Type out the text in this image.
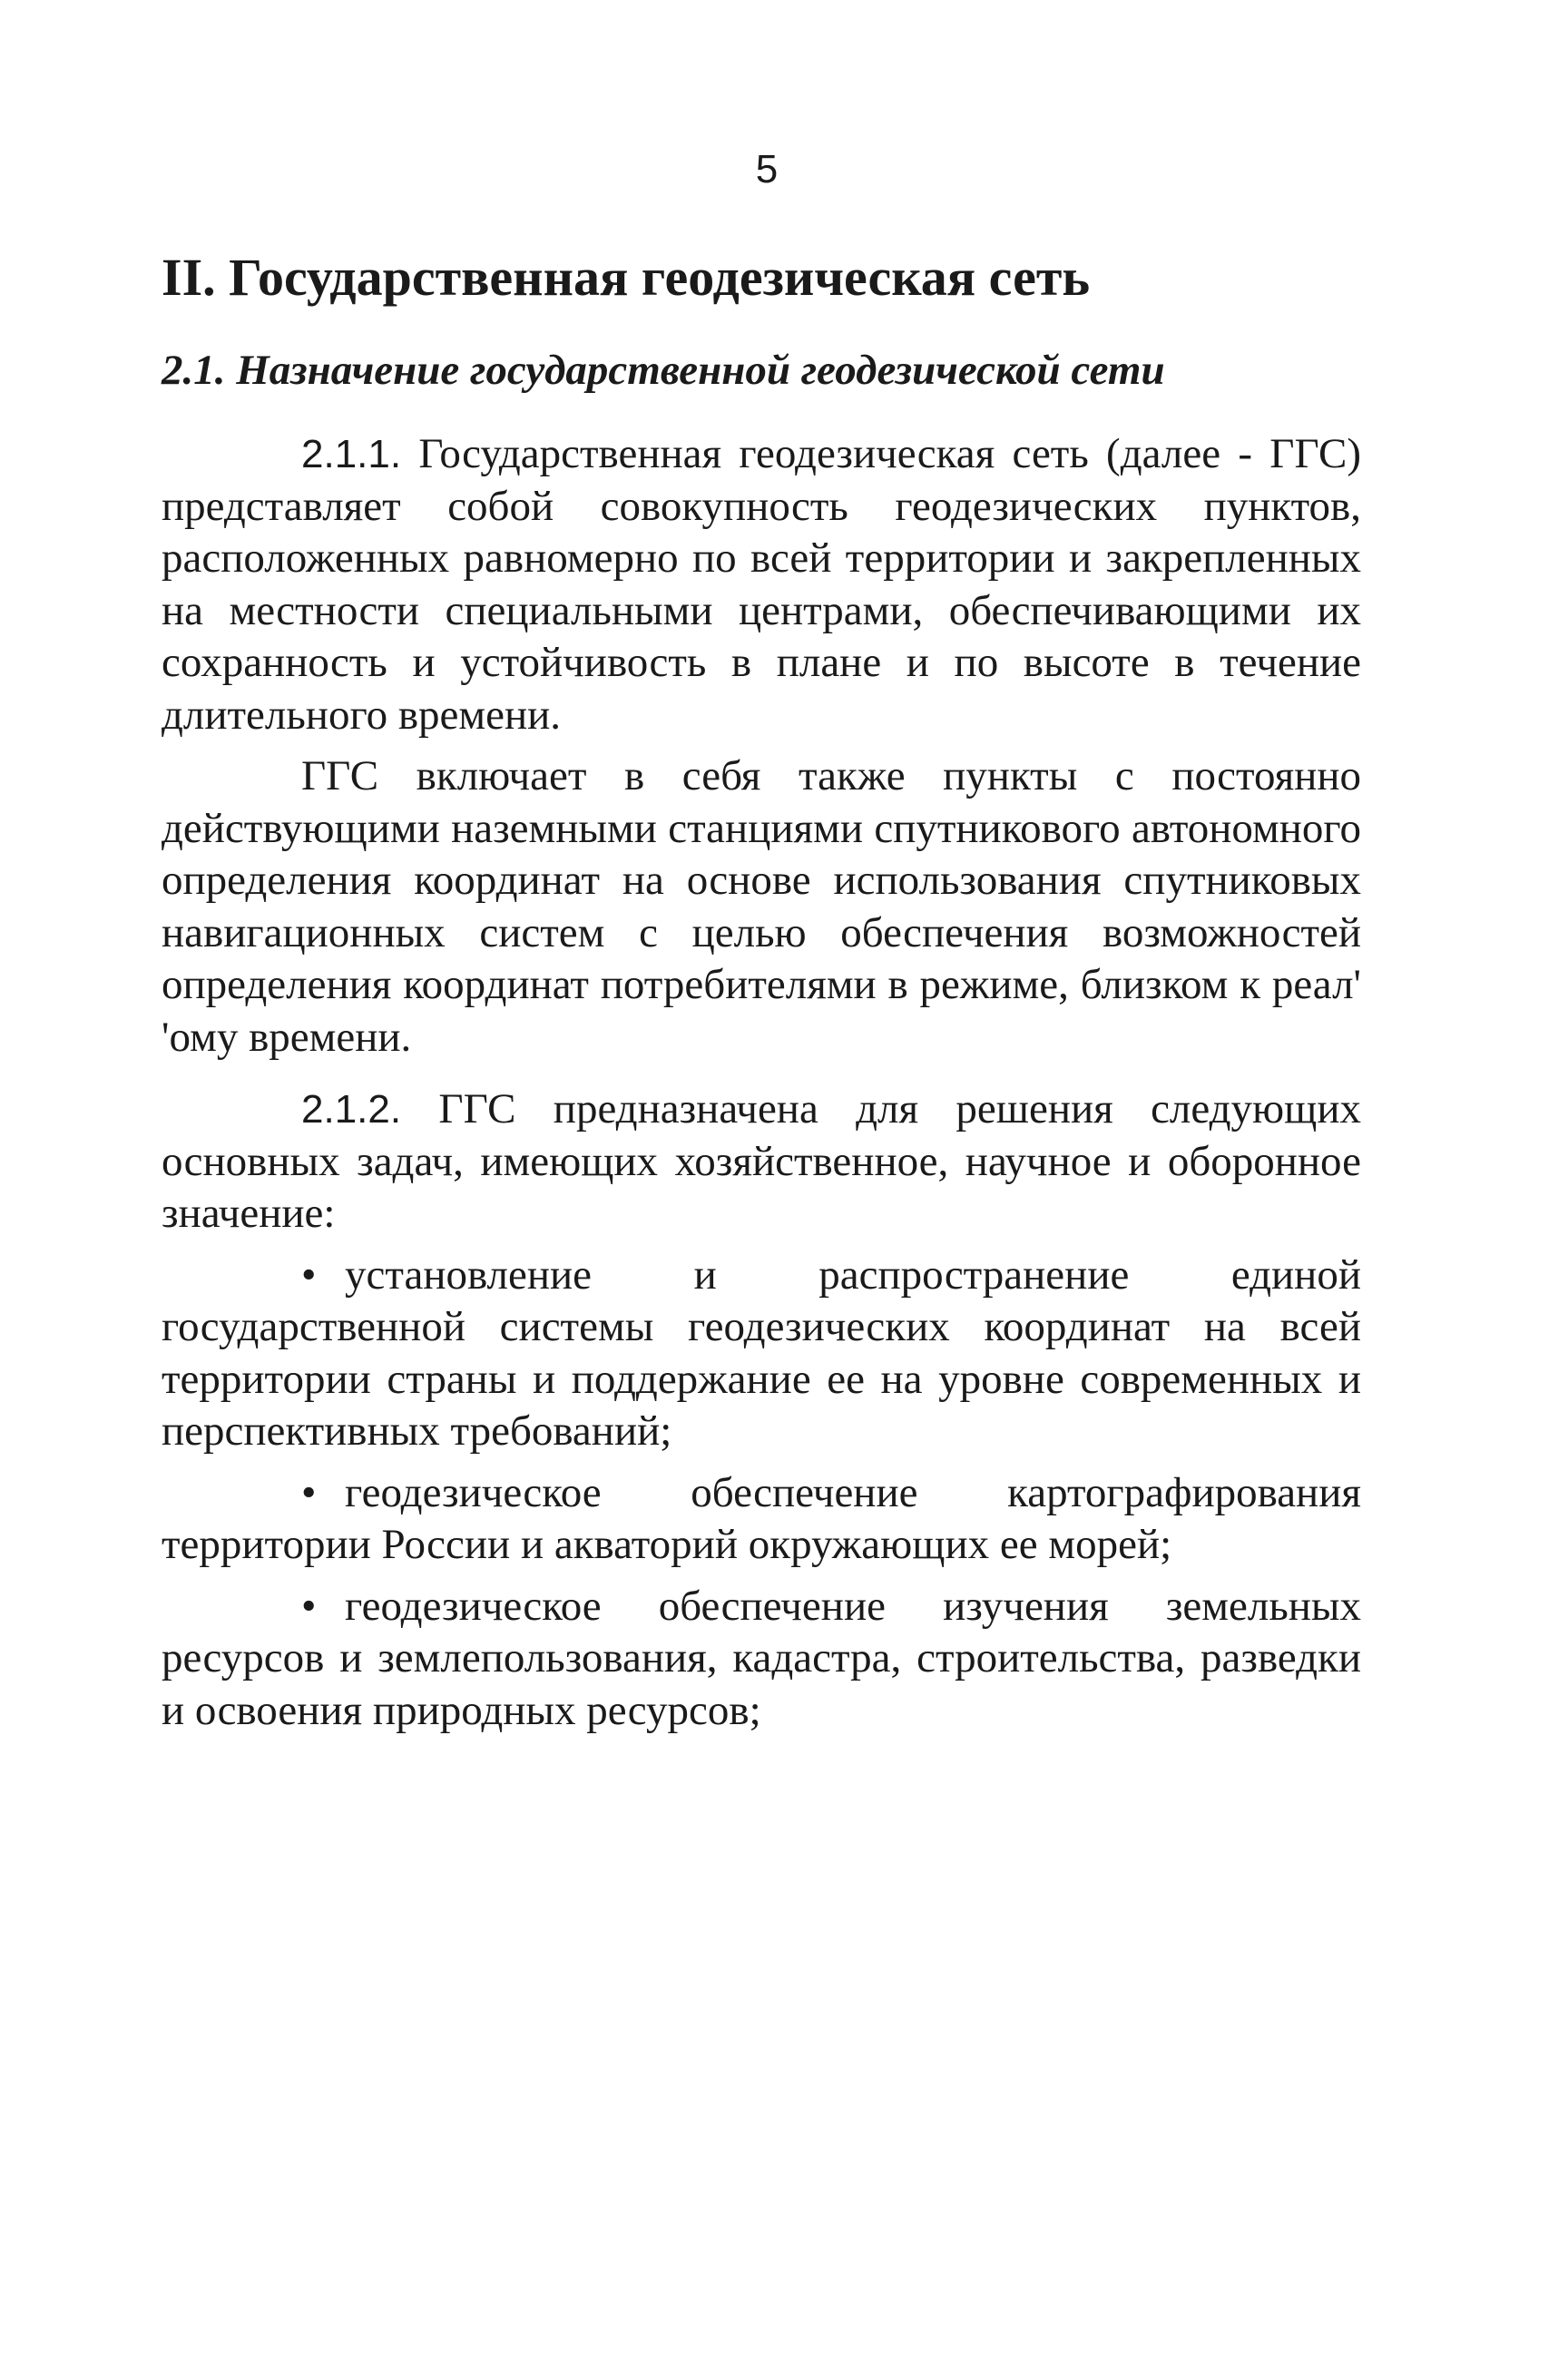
5
II. Государственная геодезическая сеть
2.1. Назначение государственной геодезической сети

2.1.1. Государственная геодезическая сеть (далее - ГГС) представляет собой совокупность геодезических пунктов, расположенных равномерно по всей территории и закрепленных на местности специальными центрами, обеспечивающими их сохранность и устойчивость в плане и по высоте в течение длительного времени.

ГГС включает в себя также пункты с постоянно действующими наземными станциями спутникового автономного определения координат на основе использования спутниковых навигационных систем с целью обеспечения возможностей определения координат потребителями в режиме, близком к реал' 'ому времени.

2.1.2. ГГС предназначена для решения следующих основных задач, имеющих хозяйственное, научное и оборонное значение:

• установление и распространение единой государственной системы геодезических координат на всей территории страны и поддержание ее на уровне современных и перспективных требований;

• геодезическое обеспечение картографирования территории России и акваторий окружающих ее морей;

• геодезическое обеспечение изучения земельных ресурсов и землепользования, кадастра, строительства, разведки и освоения природных ресурсов;
